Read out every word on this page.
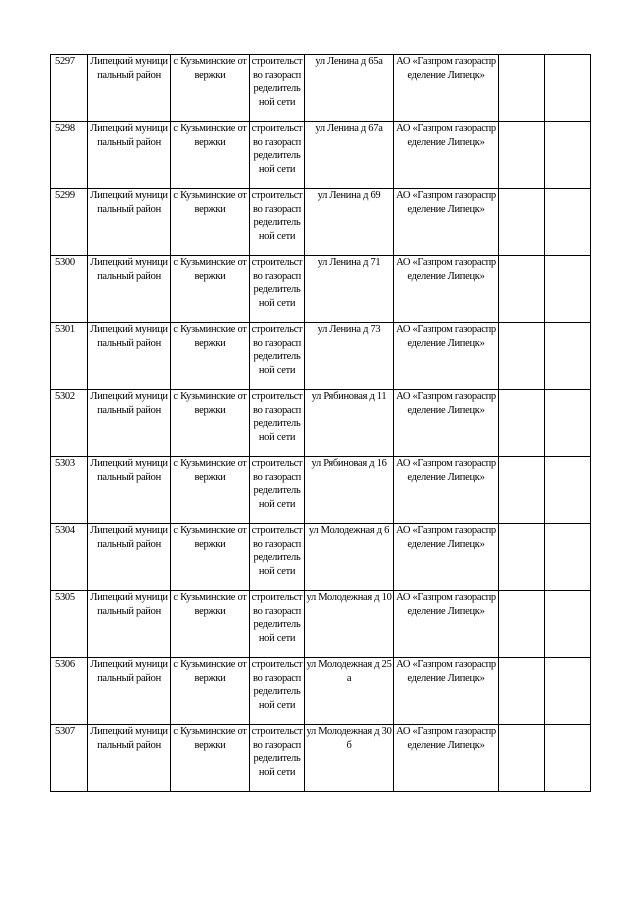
5297	Липецкий муниципальный район	с Кузьминские отвержки	строительство газораспределительной сети	ул Ленина д 65а	АО «Газпром газораспределение Липецк»		
5298	Липецкий муниципальный район	с Кузьминские отвержки	строительство газораспределительной сети	ул Ленина д 67а	АО «Газпром газораспределение Липецк»		
5299	Липецкий муниципальный район	с Кузьминские отвержки	строительство газораспределительной сети	ул Ленина д 69	АО «Газпром газораспределение Липецк»		
5300	Липецкий муниципальный район	с Кузьминские отвержки	строительство газораспределительной сети	ул Ленина д 71	АО «Газпром газораспределение Липецк»		
5301	Липецкий муниципальный район	с Кузьминские отвержки	строительство газораспределительной сети	ул Ленина д 73	АО «Газпром газораспределение Липецк»		
5302	Липецкий муниципальный район	с Кузьминские отвержки	строительство газораспределительной сети	ул Рябиновая д 11	АО «Газпром газораспределение Липецк»		
5303	Липецкий муниципальный район	с Кузьминские отвержки	строительство газораспределительной сети	ул Рябиновая д 16	АО «Газпром газораспределение Липецк»		
5304	Липецкий муниципальный район	с Кузьминские отвержки	строительство газораспределительной сети	ул Молодежная д 6	АО «Газпром газораспределение Липецк»		
5305	Липецкий муниципальный район	с Кузьминские отвержки	строительство газораспределительной сети	ул Молодежная д 10	АО «Газпром газораспределение Липецк»		
5306	Липецкий муниципальный район	с Кузьминские отвержки	строительство газораспределительной сети	ул Молодежная д 25а	АО «Газпром газораспределение Липецк»		
5307	Липецкий муниципальный район	с Кузьминские отвержки	строительство газораспределительной сети	ул Молодежная д 30б	АО «Газпром газораспределение Липецк»		
